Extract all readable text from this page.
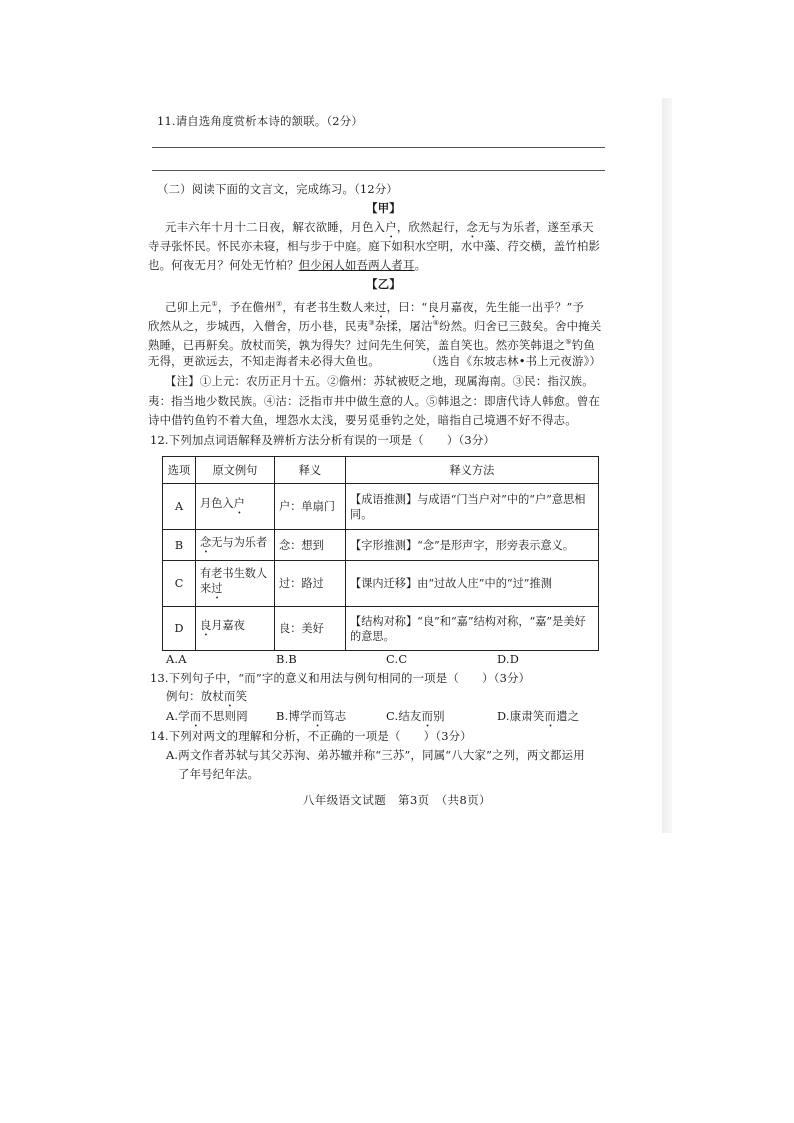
11.请自选角度赏析本诗的颔联。（2分）
（二）阅读下面的文言文，完成练习。（12分）
【甲】
元丰六年十月十二日夜，解衣欲睡，月色入户，欣然起行，念无与为乐者，遂至承天
寺寻张怀民。怀民亦未寝，相与步于中庭。庭下如积水空明，水中藻、荇交横，盖竹柏影
也。何夜无月？何处无竹柏？但少闲人如吾两人者耳。
【乙】
己卯上元①，予在儋州②，有老书生数人来过，曰：“良月嘉夜，先生能一出乎？”予
欣然从之，步城西，入僧舍，历小巷，民夷③杂揉，屠沽④纷然。归舍已三鼓矣。舍中掩关
熟睡，已再鼾矣。放杖而笑，孰为得失？过问先生何笑，盖自笑也。然亦笑韩退之⑤钓鱼
无得，更欲远去，不知走海者未必得大鱼也。	（选自《东坡志林•书上元夜游》）
【注】①上元：农历正月十五。②儋州：苏轼被贬之地，现属海南。③民：指汉族。
夷：指当地少数民族。④沽：泛指市井中做生意的人。⑤韩退之：即唐代诗人韩愈。曾在
诗中借钓鱼钓不着大鱼，埋怨水太浅，要另觅垂钓之处，暗指自己境遇不好不得志。
12.下列加点词语解释及辨析方法分析有误的一项是（　　）（3分）
选项	原文例句	释义	释义方法
A	月色入户	户：单扇门	【成语推测】与成语“门当户对”中的“户”意思相同。
B	念无与为乐者	念：想到	【字形推测】“念”是形声字，形旁表示意义。
C	有老书生数人来过	过：路过	【课内迁移】由“过故人庄”中的“过”推测
D	良月嘉夜	良：美好	【结构对称】“良”和“嘉”结构对称，“嘉”是美好的意思。
A.A	B.B	C.C	D.D
13.下列句子中，“而”字的意义和用法与例句相同的一项是（　　）（3分）
例句：放杖而笑
A.学而不思则罔 B.博学而笃志	C.结友而别	D.康肃笑而遣之
14.下列对两文的理解和分析，不正确的一项是（　　）（3分）
A.两文作者苏轼与其父苏洵、弟苏辙并称“三苏”，同属“八大家”之列，两文都运用
了年号纪年法。
八年级语文试题　第3页　（共8页）
